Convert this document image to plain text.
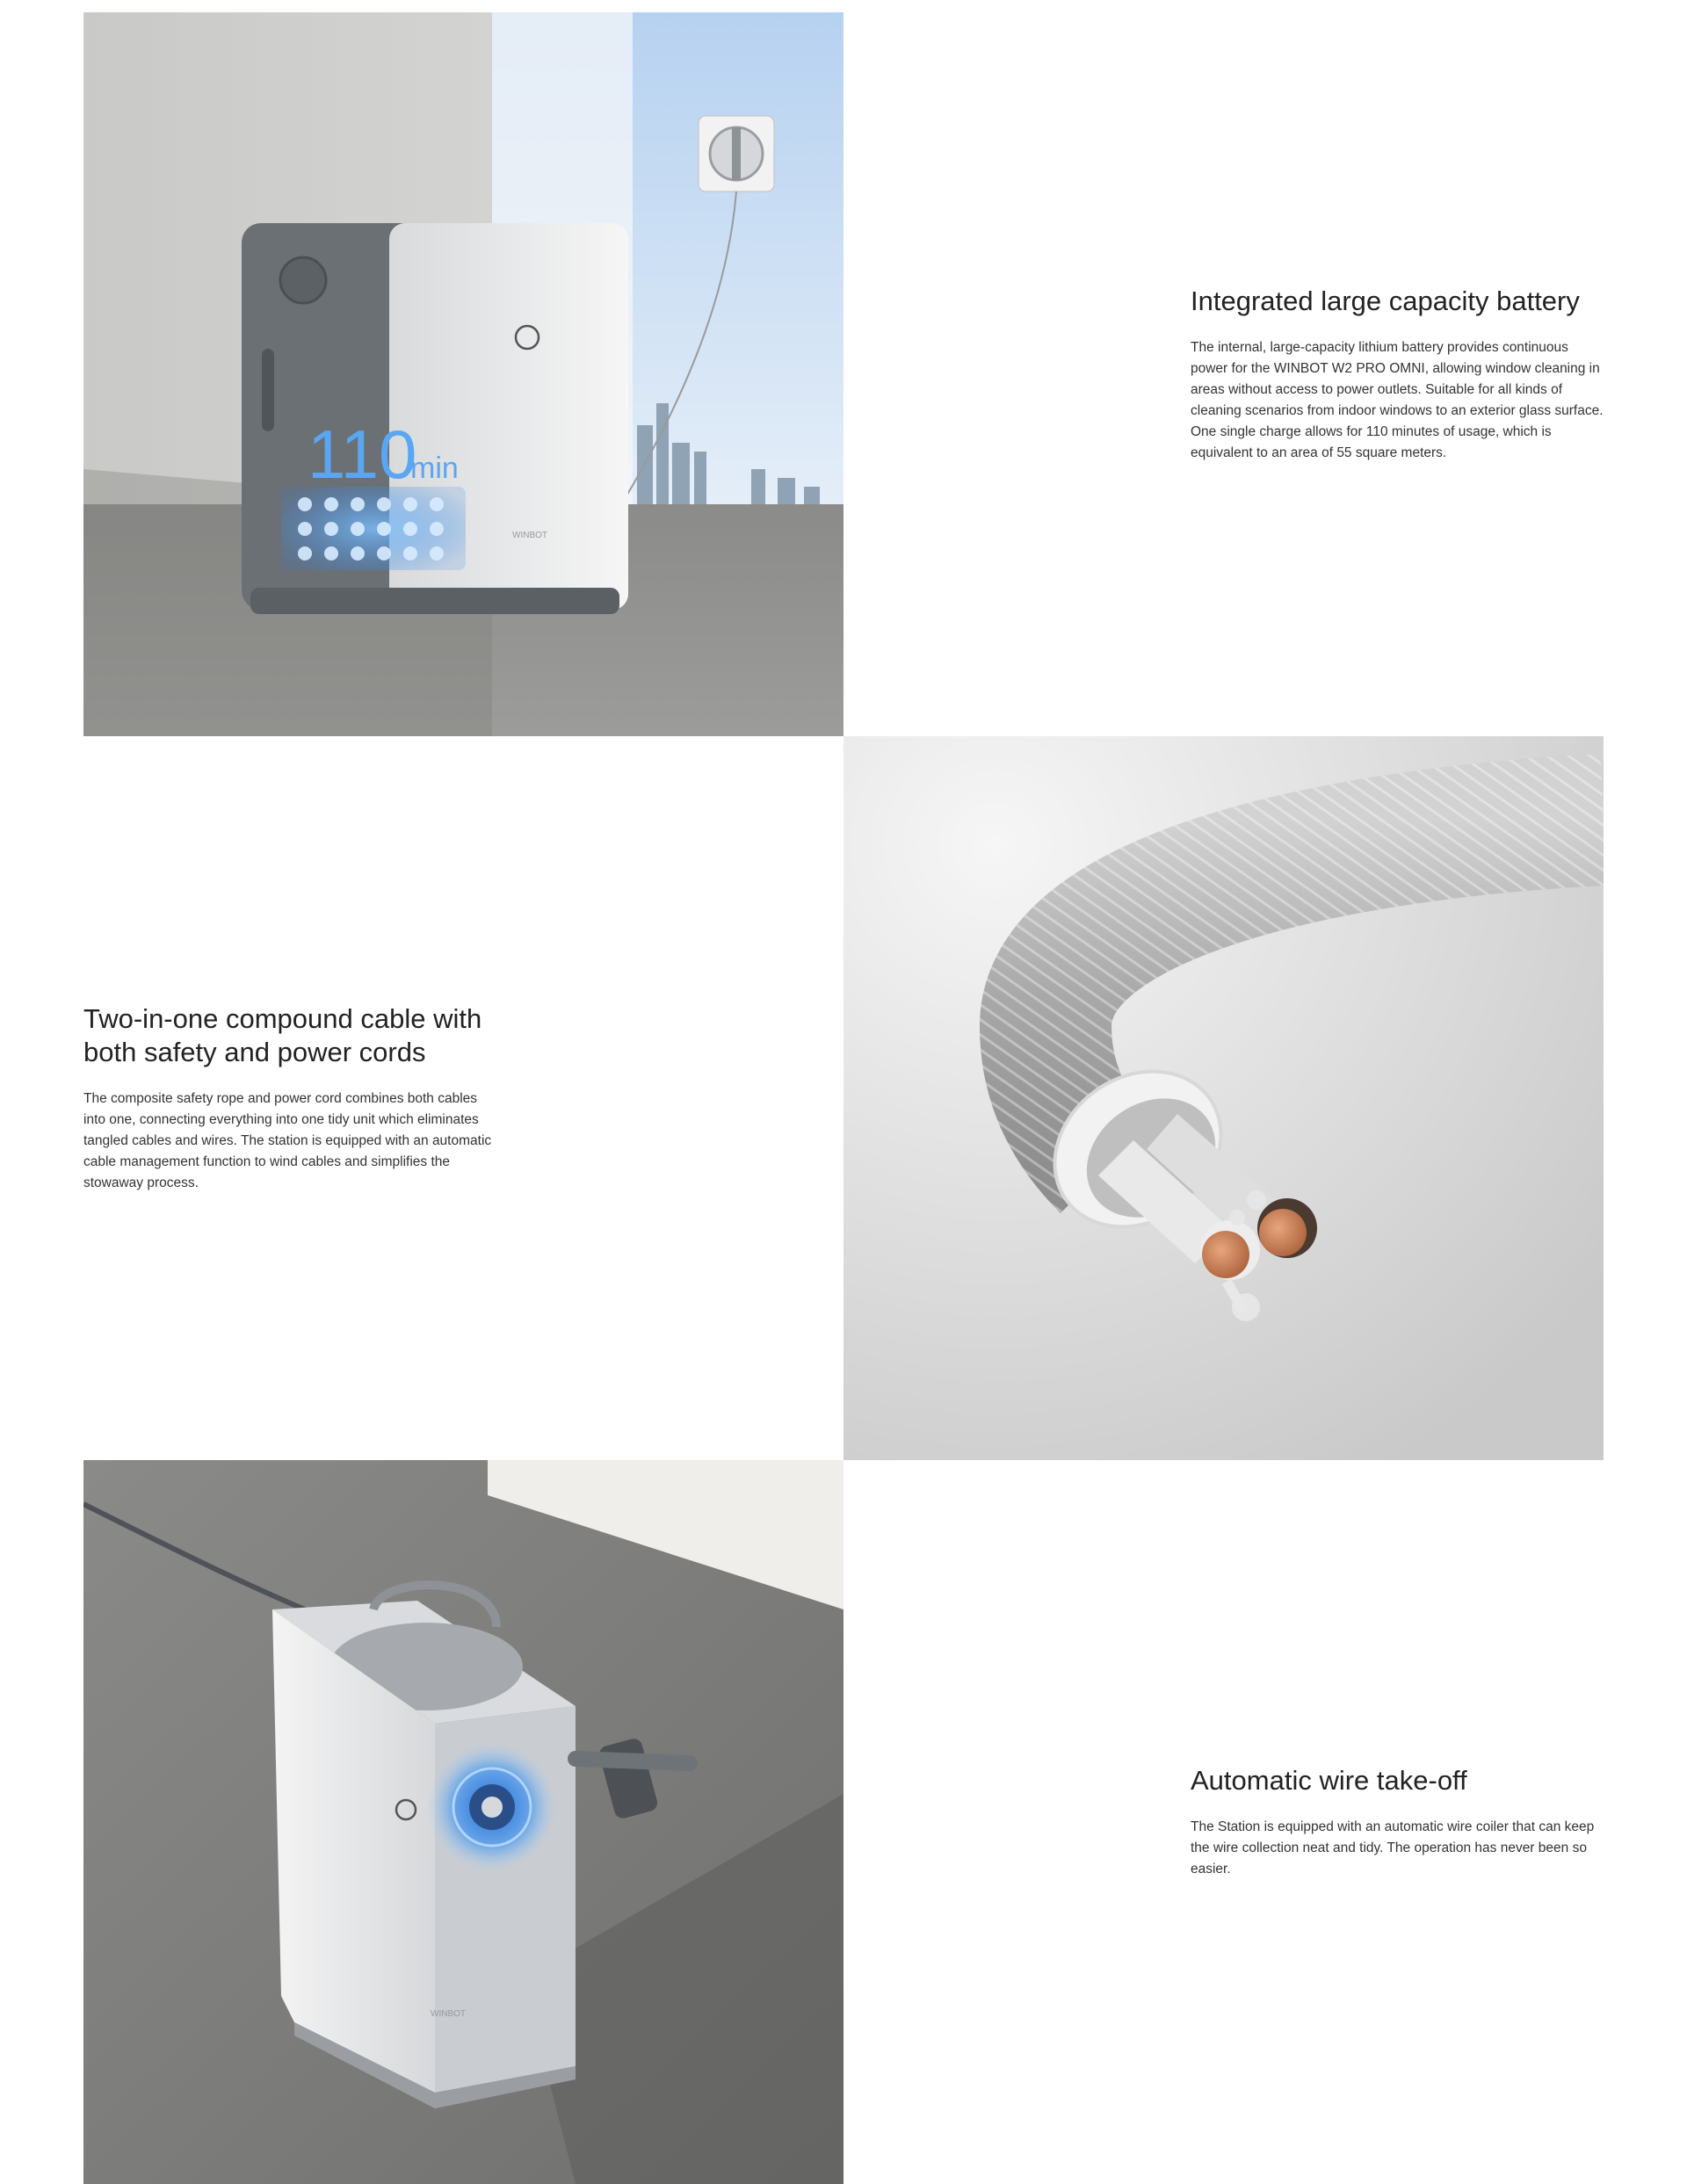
WINBOT
110
min
Integrated large capacity battery

The internal, large-capacity lithium battery provides continuous power for the WINBOT W2 PRO OMNI, allowing window cleaning in areas without access to power outlets. Suitable for all kinds of cleaning scenarios from indoor windows to an exterior glass surface. One single charge allows for 110 minutes of usage, which is equivalent to an area of 55 square meters.

Two-in-one compound cable with both safety and power cords

The composite safety rope and power cord combines both cables into one, connecting everything into one tidy unit which eliminates tangled cables and wires. The station is equipped with an automatic cable management function to wind cables and simplifies the stowaway process.

WINBOT
Automatic wire take-off

The Station is equipped with an automatic wire coiler that can keep the wire collection neat and tidy. The operation has never been so easier.
